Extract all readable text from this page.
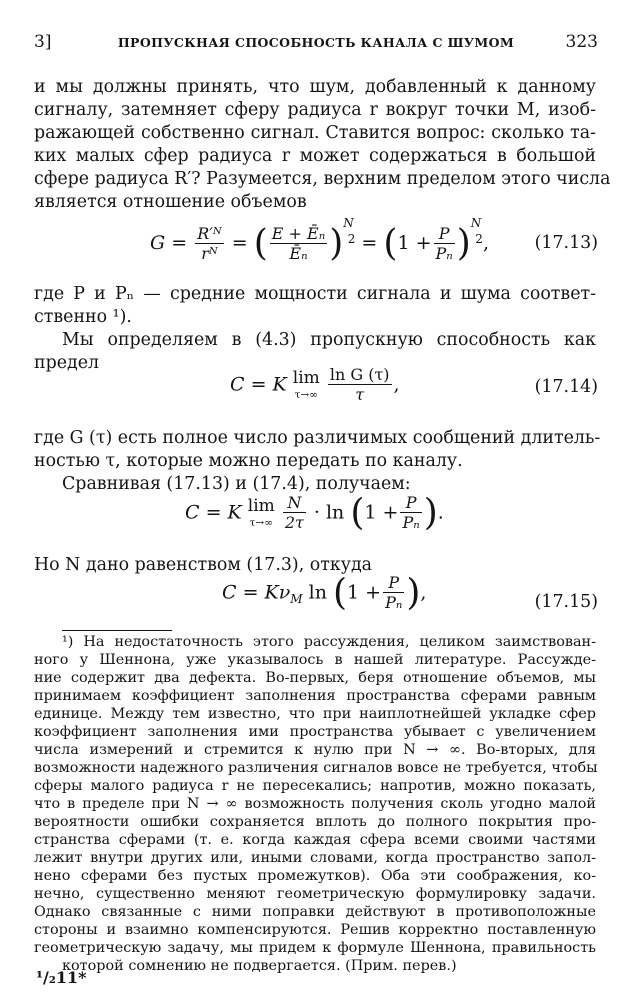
3]	ПРОПУСКНАЯ СПОСОБНОСТЬ КАНАЛА С ШУМОМ	323
и мы должны принять, что шум, добавленный к данному
сигналу, затемняет сферу радиуса r вокруг точки M, изоб-
ражающей собственно сигнал. Ставится вопрос: сколько та-
ких малых сфер радиуса r может содержаться в большой
сфере радиуса R′? Разумеется, верхним пределом этого числа
является отношение объемов
$G = \frac{\text{R′ᴺ}}{\text{rᴺ}}$ = ( $\frac{\text{E + Ēₙ}}{\text{Ēₙ}} )^{N2} = (1 + \frac{P}{\text{Pₙ}} )^{N2}$,	(17.13)
где P и Pₙ — средние мощности сигнала и шума соответ-
ственно ¹).
Мы определяем в (4.3) пропускную способность как
предел
C = K lim
τ→∞
$\frac{\text{ln G (τ)}}{\tau}$ ,	(17.14)
где G (τ) есть полное число различимых сообщений длитель-
ностью τ, которые можно передать по каналу.
Сравнивая (17.13) и (17.4), получаем:
C = K lim
τ→∞
$\frac{N}{2\tau} \cdot \ln (1 + \frac{P}{\text{Pₙ}}$ ).
Но N дано равенством (17.3), откуда
$C = K\nu_M$ $\ln (1 + \frac{P}{\text{Pₙ}}$ ),	(17.15)
¹) На недостаточность этого рассуждения, целиком заимствован-
ного у Шеннона, уже указывалось в нашей литературе. Рассужде-
ние содержит два дефекта. Во-первых, беря отношение объемов, мы
принимаем коэффициент заполнения пространства сферами равным
единице. Между тем известно, что при наиплотнейшей укладке сфер
коэффициент заполнения ими пространства убывает с увеличением
числа измерений и стремится к нулю при N → ∞. Во-вторых, для
возможности надежного различения сигналов вовсе не требуется, чтобы
сферы малого радиуса r не пересекались; напротив, можно показать,
что в пределе при N → ∞ возможность получения сколь угодно малой
вероятности ошибки сохраняется вплоть до полного покрытия про-
странства сферами (т. е. когда каждая сфера всеми своими частями
лежит внутри других или, иными словами, когда пространство запол-
нено сферами без пустых промежутков). Оба эти соображения, ко-
нечно, существенно меняют геометрическую формулировку задачи.
Однако связанные с ними поправки действуют в противоположные
стороны и взаимно компенсируются. Решив корректно поставленную
геометрическую задачу, мы придем к формуле Шеннона, правильность
которой сомнению не подвергается. (Прим. перев.)
¹/₂11*
